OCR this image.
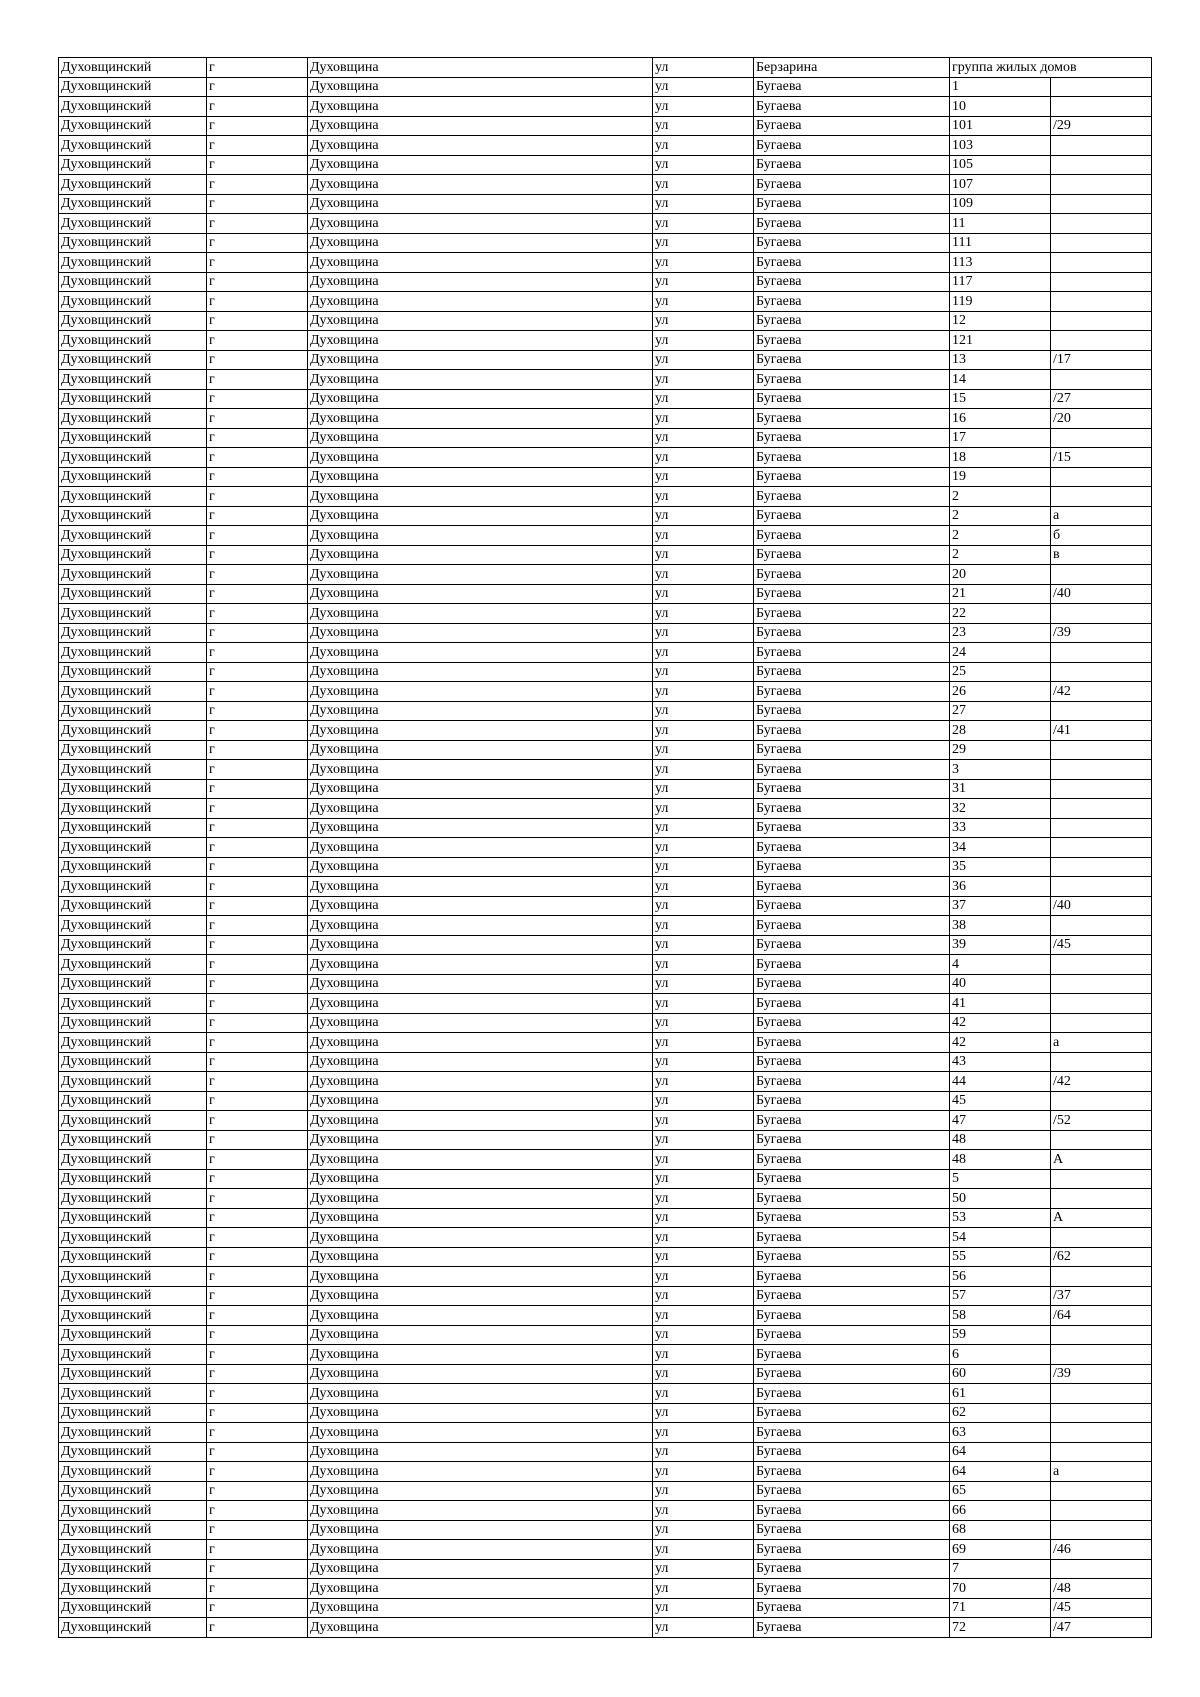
Духовщинский	г	Духовщина	ул	Берзарина	группа жилых домов	
Духовщинский	г	Духовщина	ул	Бугаева	1	
Духовщинский	г	Духовщина	ул	Бугаева	10	
Духовщинский	г	Духовщина	ул	Бугаева	101	/29
Духовщинский	г	Духовщина	ул	Бугаева	103	
Духовщинский	г	Духовщина	ул	Бугаева	105	
Духовщинский	г	Духовщина	ул	Бугаева	107	
Духовщинский	г	Духовщина	ул	Бугаева	109	
Духовщинский	г	Духовщина	ул	Бугаева	11	
Духовщинский	г	Духовщина	ул	Бугаева	111	
Духовщинский	г	Духовщина	ул	Бугаева	113	
Духовщинский	г	Духовщина	ул	Бугаева	117	
Духовщинский	г	Духовщина	ул	Бугаева	119	
Духовщинский	г	Духовщина	ул	Бугаева	12	
Духовщинский	г	Духовщина	ул	Бугаева	121	
Духовщинский	г	Духовщина	ул	Бугаева	13	/17
Духовщинский	г	Духовщина	ул	Бугаева	14	
Духовщинский	г	Духовщина	ул	Бугаева	15	/27
Духовщинский	г	Духовщина	ул	Бугаева	16	/20
Духовщинский	г	Духовщина	ул	Бугаева	17	
Духовщинский	г	Духовщина	ул	Бугаева	18	/15
Духовщинский	г	Духовщина	ул	Бугаева	19	
Духовщинский	г	Духовщина	ул	Бугаева	2	
Духовщинский	г	Духовщина	ул	Бугаева	2	а
Духовщинский	г	Духовщина	ул	Бугаева	2	б
Духовщинский	г	Духовщина	ул	Бугаева	2	в
Духовщинский	г	Духовщина	ул	Бугаева	20	
Духовщинский	г	Духовщина	ул	Бугаева	21	/40
Духовщинский	г	Духовщина	ул	Бугаева	22	
Духовщинский	г	Духовщина	ул	Бугаева	23	/39
Духовщинский	г	Духовщина	ул	Бугаева	24	
Духовщинский	г	Духовщина	ул	Бугаева	25	
Духовщинский	г	Духовщина	ул	Бугаева	26	/42
Духовщинский	г	Духовщина	ул	Бугаева	27	
Духовщинский	г	Духовщина	ул	Бугаева	28	/41
Духовщинский	г	Духовщина	ул	Бугаева	29	
Духовщинский	г	Духовщина	ул	Бугаева	3	
Духовщинский	г	Духовщина	ул	Бугаева	31	
Духовщинский	г	Духовщина	ул	Бугаева	32	
Духовщинский	г	Духовщина	ул	Бугаева	33	
Духовщинский	г	Духовщина	ул	Бугаева	34	
Духовщинский	г	Духовщина	ул	Бугаева	35	
Духовщинский	г	Духовщина	ул	Бугаева	36	
Духовщинский	г	Духовщина	ул	Бугаева	37	/40
Духовщинский	г	Духовщина	ул	Бугаева	38	
Духовщинский	г	Духовщина	ул	Бугаева	39	/45
Духовщинский	г	Духовщина	ул	Бугаева	4	
Духовщинский	г	Духовщина	ул	Бугаева	40	
Духовщинский	г	Духовщина	ул	Бугаева	41	
Духовщинский	г	Духовщина	ул	Бугаева	42	
Духовщинский	г	Духовщина	ул	Бугаева	42	а
Духовщинский	г	Духовщина	ул	Бугаева	43	
Духовщинский	г	Духовщина	ул	Бугаева	44	/42
Духовщинский	г	Духовщина	ул	Бугаева	45	
Духовщинский	г	Духовщина	ул	Бугаева	47	/52
Духовщинский	г	Духовщина	ул	Бугаева	48	
Духовщинский	г	Духовщина	ул	Бугаева	48	А
Духовщинский	г	Духовщина	ул	Бугаева	5	
Духовщинский	г	Духовщина	ул	Бугаева	50	
Духовщинский	г	Духовщина	ул	Бугаева	53	А
Духовщинский	г	Духовщина	ул	Бугаева	54	
Духовщинский	г	Духовщина	ул	Бугаева	55	/62
Духовщинский	г	Духовщина	ул	Бугаева	56	
Духовщинский	г	Духовщина	ул	Бугаева	57	/37
Духовщинский	г	Духовщина	ул	Бугаева	58	/64
Духовщинский	г	Духовщина	ул	Бугаева	59	
Духовщинский	г	Духовщина	ул	Бугаева	6	
Духовщинский	г	Духовщина	ул	Бугаева	60	/39
Духовщинский	г	Духовщина	ул	Бугаева	61	
Духовщинский	г	Духовщина	ул	Бугаева	62	
Духовщинский	г	Духовщина	ул	Бугаева	63	
Духовщинский	г	Духовщина	ул	Бугаева	64	
Духовщинский	г	Духовщина	ул	Бугаева	64	а
Духовщинский	г	Духовщина	ул	Бугаева	65	
Духовщинский	г	Духовщина	ул	Бугаева	66	
Духовщинский	г	Духовщина	ул	Бугаева	68	
Духовщинский	г	Духовщина	ул	Бугаева	69	/46
Духовщинский	г	Духовщина	ул	Бугаева	7	
Духовщинский	г	Духовщина	ул	Бугаева	70	/48
Духовщинский	г	Духовщина	ул	Бугаева	71	/45
Духовщинский	г	Духовщина	ул	Бугаева	72	/47
